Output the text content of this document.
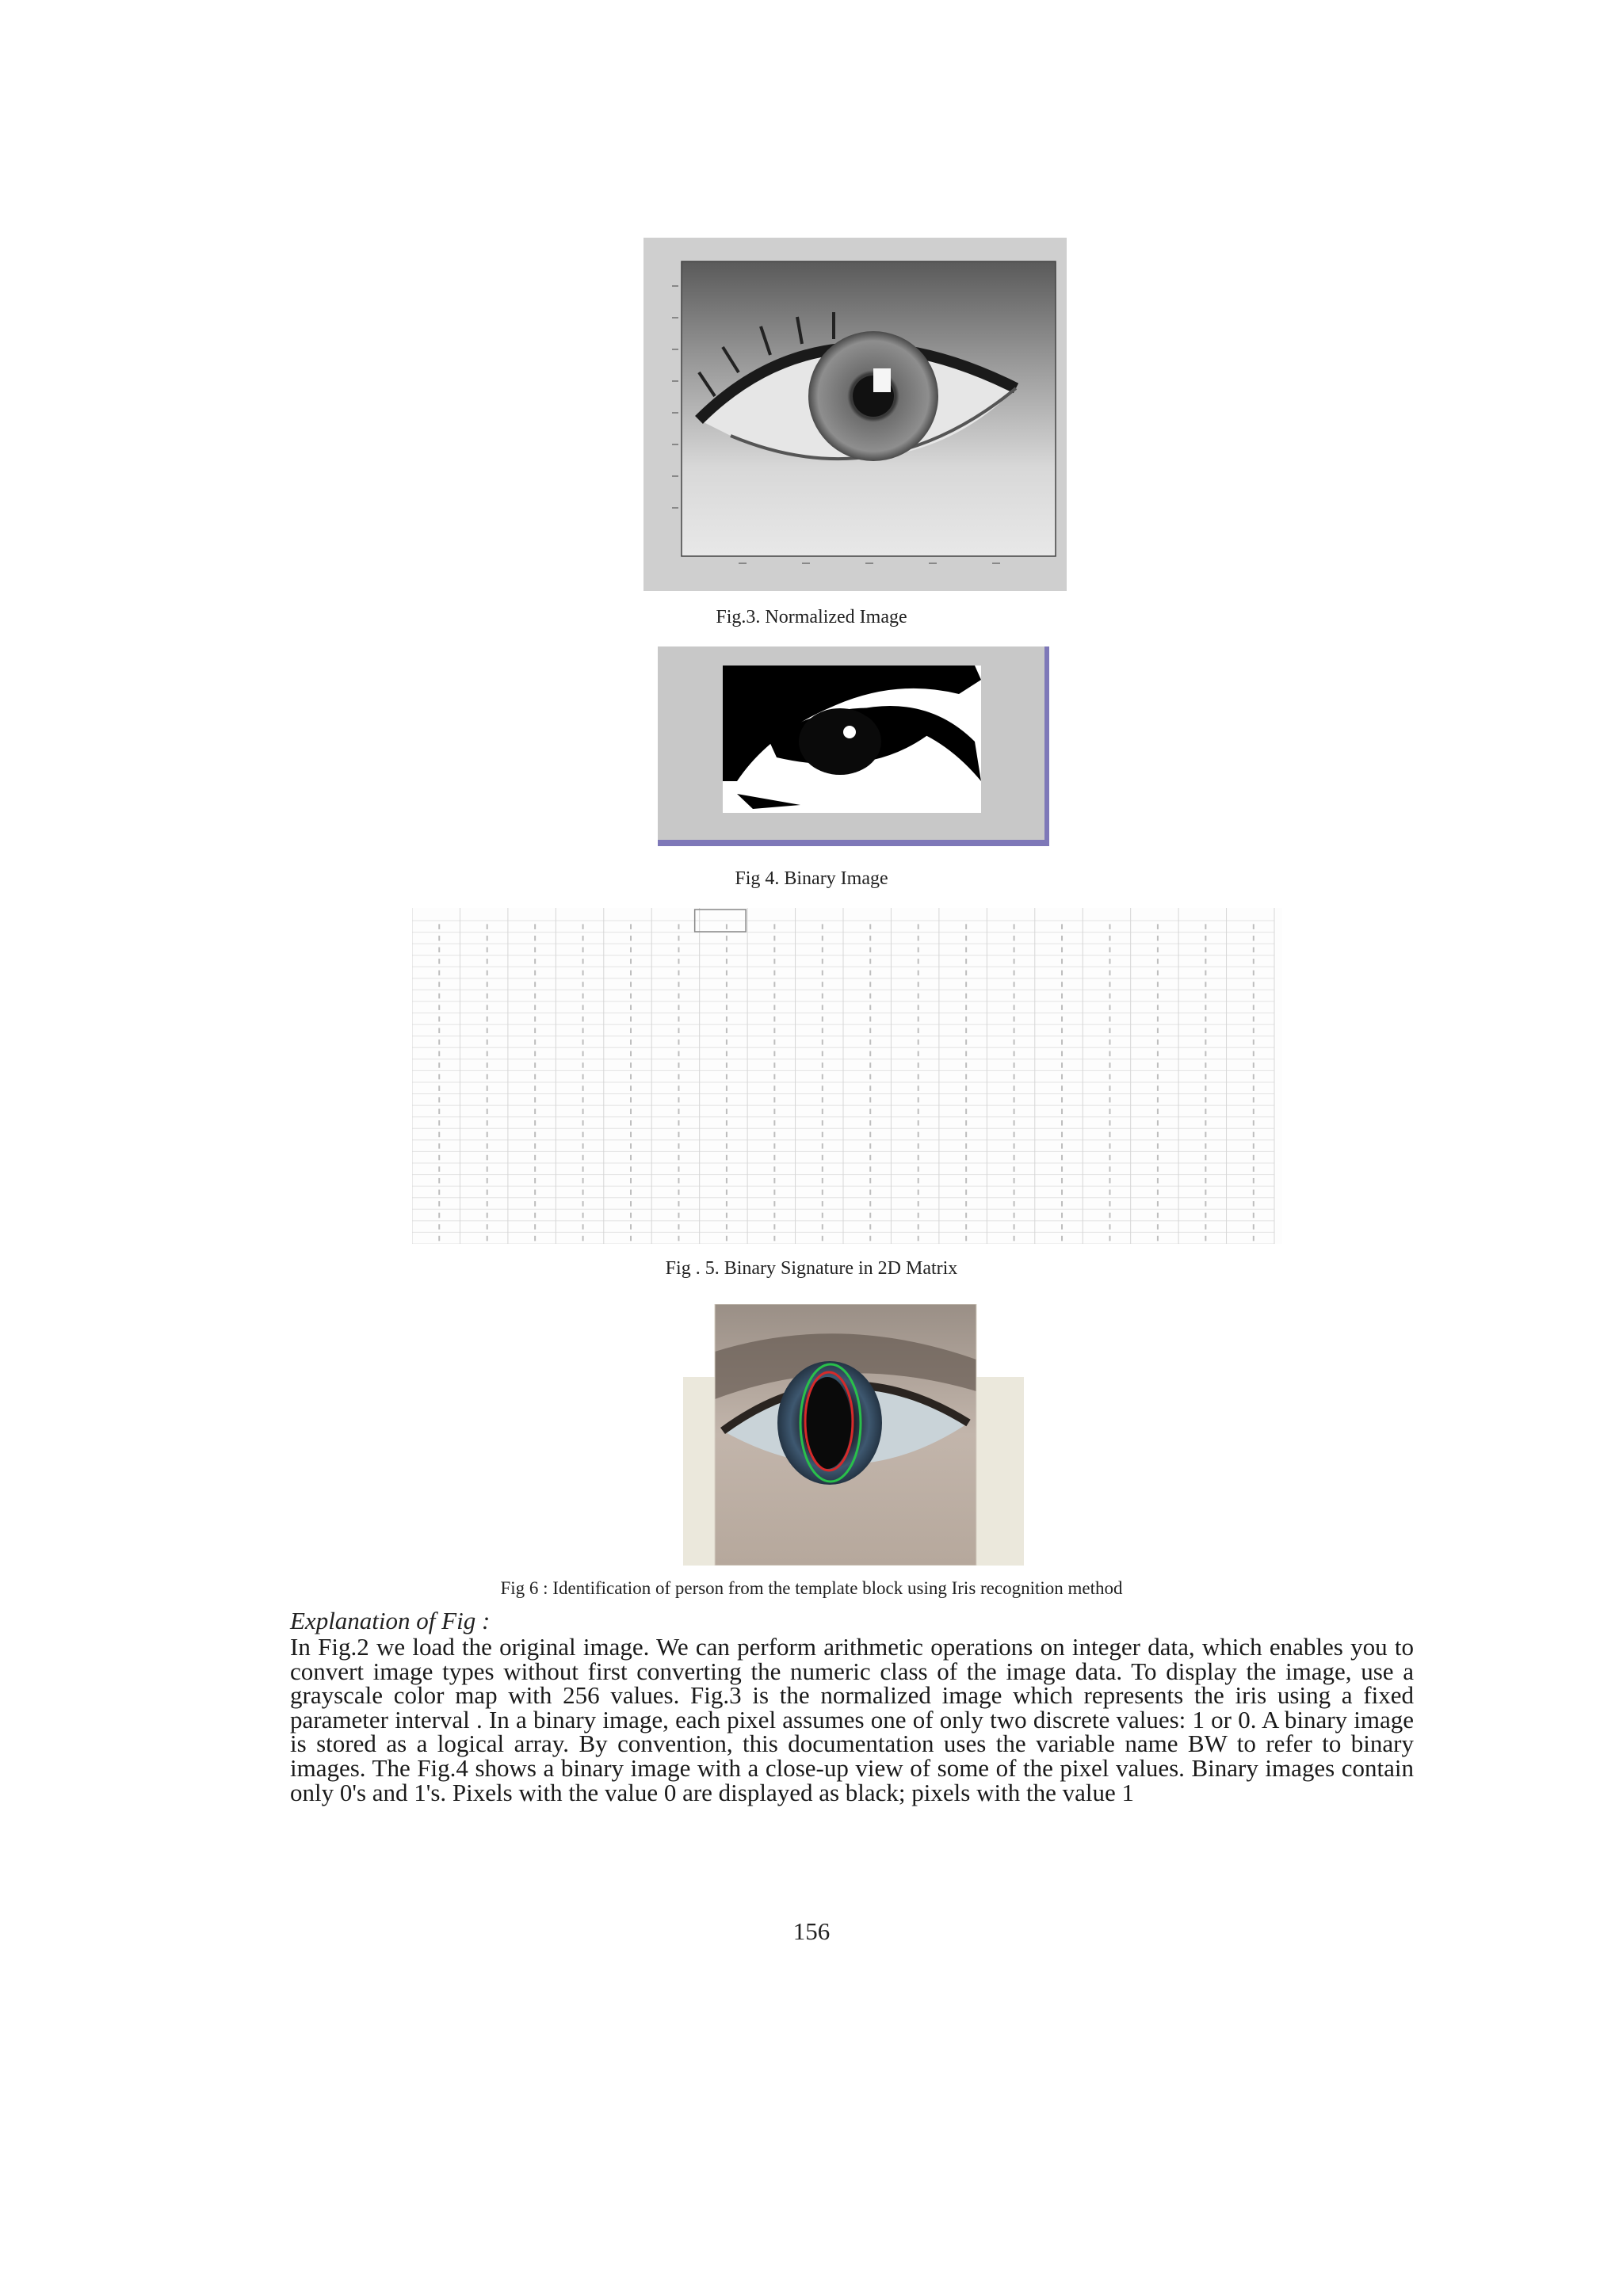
Fig.3. Normalized Image
Fig 4. Binary Image
Fig . 5. Binary Signature in 2D Matrix
Fig 6 : Identification of person from the template block using Iris recognition method
Explanation of Fig :
In Fig.2 we load the original image. We can perform arithmetic operations on integer data, which enables you to convert image types without first converting the numeric class of the image data. To display the image, use a grayscale color map with 256 values. Fig.3 is the normalized image which represents the iris using a fixed parameter interval . In a binary image, each pixel assumes one of only two discrete values: 1 or 0. A binary image is stored as a logical array. By convention, this documentation uses the variable name BW to refer to binary images. The Fig.4 shows a binary image with a close-up view of some of the pixel values. Binary images contain only 0's and 1's. Pixels with the value 0 are displayed as black; pixels with the value 1
156
